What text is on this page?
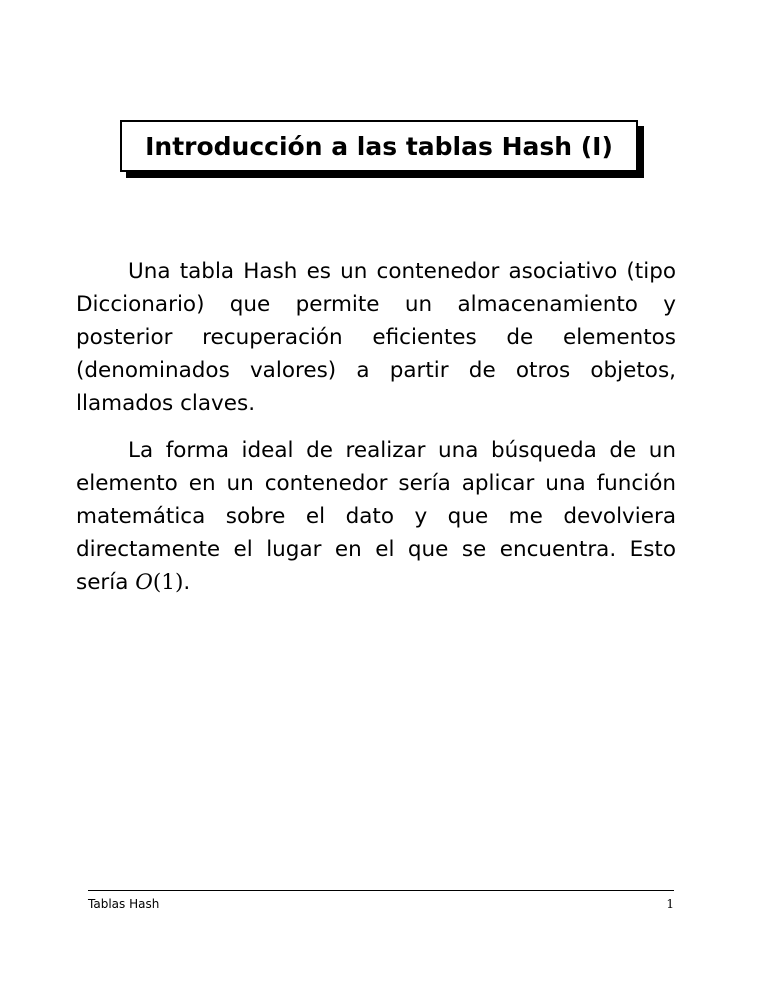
Introducción a las tablas Hash (I)

Una tabla Hash es un contenedor asociativo (tipo Diccionario) que permite un almacenamiento y posterior recuperación eficientes de elementos (denominados valores) a partir de otros objetos, llamados claves.

La forma ideal de realizar una búsqueda de un elemento en un contenedor sería aplicar una función matemática sobre el dato y que me devolviera directamente el lugar en el que se encuentra. Esto sería O(1).

Tablas Hash	1
